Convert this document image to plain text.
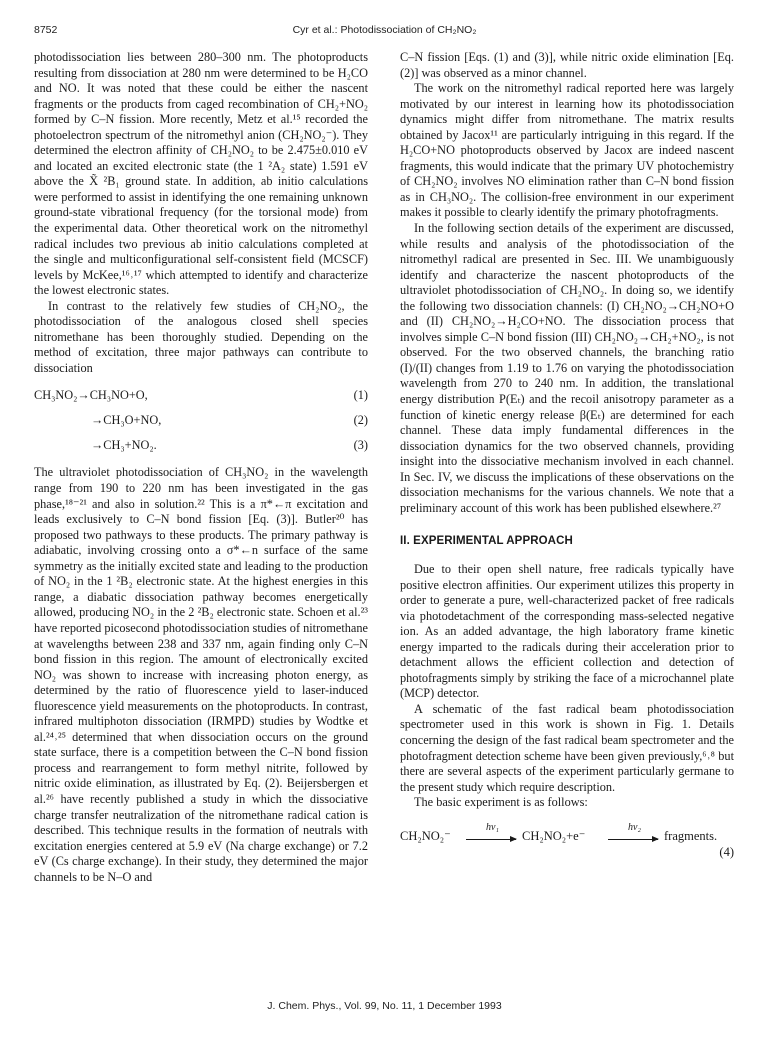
8752	Cyr et al.: Photodissociation of CH₂NO₂

photodissociation lies between 280–300 nm. The photoproducts resulting from dissociation at 280 nm were determined to be H₂CO and NO. It was noted that these could be either the nascent fragments or the products from caged recombination of CH₂+NO₂ formed by C–N fission. More recently, Metz et al.¹⁵ recorded the photoelectron spectrum of the nitromethyl anion (CH₂NO₂⁻). They determined the electron affinity of CH₂NO₂ to be 2.475±0.010 eV and located an excited electronic state (the 1 ²A₂ state) 1.591 eV above the X̃ ²B₁ ground state. In addition, ab initio calculations were performed to assist in identifying the one remaining unknown ground-state vibrational frequency (for the torsional mode) from the experimental data. Other theoretical work on the nitromethyl radical includes two previous ab initio calculations completed at the single and multiconfigurational self-consistent field (MCSCF) levels by McKee,¹⁶˒¹⁷ which attempted to identify and characterize the lowest electronic states.

In contrast to the relatively few studies of CH₂NO₂, the photodissociation of the analogous closed shell species nitromethane has been thoroughly studied. Depending on the method of excitation, three major pathways can contribute to dissociation

CH₃NO₂→CH₃NO+O,	(1)
→CH₃O+NO,	(2)
→CH₃+NO₂.	(3)

The ultraviolet photodissociation of CH₃NO₂ in the wavelength range from 190 to 220 nm has been investigated in the gas phase,¹⁸⁻²¹ and also in solution.²² This is a π*←π excitation and leads exclusively to C–N bond fission [Eq. (3)]. Butler²⁰ has proposed two pathways to these products. The primary pathway is adiabatic, involving crossing onto a σ*←n surface of the same symmetry as the initially excited state and leading to the production of NO₂ in the 1 ²B₂ electronic state. At the highest energies in this range, a diabatic dissociation pathway becomes energetically allowed, producing NO₂ in the 2 ²B₂ electronic state. Schoen et al.²³ have reported picosecond photodissociation studies of nitromethane at wavelengths between 238 and 337 nm, again finding only C–N bond fission in this region. The amount of electronically excited NO₂ was shown to increase with increasing photon energy, as determined by the ratio of fluorescence yield to laser-induced fluorescence yield measurements on the photoproducts. In contrast, infrared multiphoton dissociation (IRMPD) studies by Wodtke et al.²⁴˒²⁵ determined that when dissociation occurs on the ground state surface, there is a competition between the C–N bond fission process and rearrangement to form methyl nitrite, followed by nitric oxide elimination, as illustrated by Eq. (2). Beijersbergen et al.²⁶ have recently published a study in which the dissociative charge transfer neutralization of the nitromethane radical cation is described. This technique results in the formation of neutrals with excitation energies centered at 5.9 eV (Na charge exchange) or 7.2 eV (Cs charge exchange). In their study, they determined the major channels to be N–O and

C–N fission [Eqs. (1) and (3)], while nitric oxide elimination [Eq. (2)] was observed as a minor channel.

The work on the nitromethyl radical reported here was largely motivated by our interest in learning how its photodissociation dynamics might differ from nitromethane. The matrix results obtained by Jacox¹¹ are particularly intriguing in this regard. If the H₂CO+NO photoproducts observed by Jacox are indeed nascent fragments, this would indicate that the primary UV photochemistry of CH₂NO₂ involves NO elimination rather than C–N bond fission as in CH₃NO₂. The collision-free environment in our experiment makes it possible to clearly identify the primary photofragments.

In the following section details of the experiment are discussed, while results and analysis of the photodissociation of the nitromethyl radical are presented in Sec. III. We unambiguously identify and characterize the nascent photoproducts of the ultraviolet photodissociation of CH₂NO₂. In doing so, we identify the following two dissociation channels: (I) CH₂NO₂→CH₂NO+O and (II) CH₂NO₂→H₂CO+NO. The dissociation process that involves simple C–N bond fission (III) CH₂NO₂→CH₂+NO₂, is not observed. For the two observed channels, the branching ratio (I)/(II) changes from 1.19 to 1.76 on varying the photodissociation wavelength from 270 to 240 nm. In addition, the translational energy distribution P(Eₜ) and the recoil anisotropy parameter as a function of kinetic energy release β(Eₜ) are determined for each channel. These data imply fundamental differences in the dissociation dynamics for the two observed channels, providing insight into the dissociative mechanism involved in each channel. In Sec. IV, we discuss the implications of these observations on the dissociation mechanisms for the various channels. We note that a preliminary account of this work has been published elsewhere.²⁷

II. EXPERIMENTAL APPROACH

Due to their open shell nature, free radicals typically have positive electron affinities. Our experiment utilizes this property in order to generate a pure, well-characterized packet of free radicals via photodetachment of the corresponding mass-selected negative ion. As an added advantage, the high laboratory frame kinetic energy imparted to the radicals during their acceleration prior to detachment allows the efficient collection and detection of photofragments simply by striking the face of a microchannel plate (MCP) detector.

A schematic of the fast radical beam photodissociation spectrometer used in this work is shown in Fig. 1. Details concerning the design of the fast radical beam spectrometer and the photofragment detection scheme have been given previously,⁶˒⁸ but there are several aspects of the experiment particularly germane to the present study which require description.

The basic experiment is as follows:

CH₂NO₂⁻
hν₁
→ CH₂NO₂+e⁻
hν₂
→ fragments.
(4)
J. Chem. Phys., Vol. 99, No. 11, 1 December 1993
